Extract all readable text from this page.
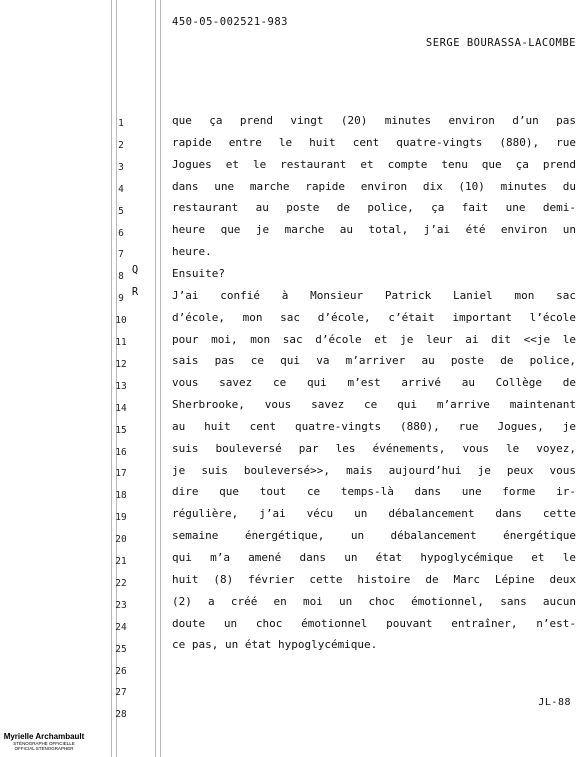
450-05-002521-983
SERGE BOURASSA-LACOMBE
1
2
3
4
5
6
7
8
9
10
11
12
13
14
15
16
17
18
19
20
21
22
23
24
25
26
27
28
Q
R
que ça prend vingt (20) minutes environ d’un pas
rapide entre le huit cent quatre-vingts (880), rue
Jogues et le restaurant et compte tenu que ça prend
dans une marche rapide environ dix (10) minutes du
restaurant au poste de police, ça fait une demi-
heure que je marche au total, j’ai été environ un
heure.
Ensuite?
J’ai confié à Monsieur Patrick Laniel mon sac
d’école, mon sac d’école, c’était important l’école
pour moi, mon sac d’école et je leur ai dit <<je le
sais pas ce qui va m’arriver au poste de police,
vous savez ce qui m’est arrivé au Collège de
Sherbrooke, vous savez ce qui m’arrive maintenant
au huit cent quatre-vingts (880), rue Jogues, je
suis bouleversé par les événements, vous le voyez,
je suis bouleversé>>, mais aujourd’hui je peux vous
dire que tout ce temps-là dans une forme ir-
régulière, j’ai vécu un débalancement dans cette
semaine énergétique, un débalancement énergétique
qui m’a amené dans un état hypoglycémique et le
huit (8) février cette histoire de Marc Lépine deux
(2) a créé en moi un choc émotionnel, sans aucun
doute un choc émotionnel pouvant entraîner, n’est-
ce pas, un état hypoglycémique.
JL-88
Myrielle Archambault
STÉNOGRAPHE OFFICIELLE
OFFICIAL STENOGRAPHER
